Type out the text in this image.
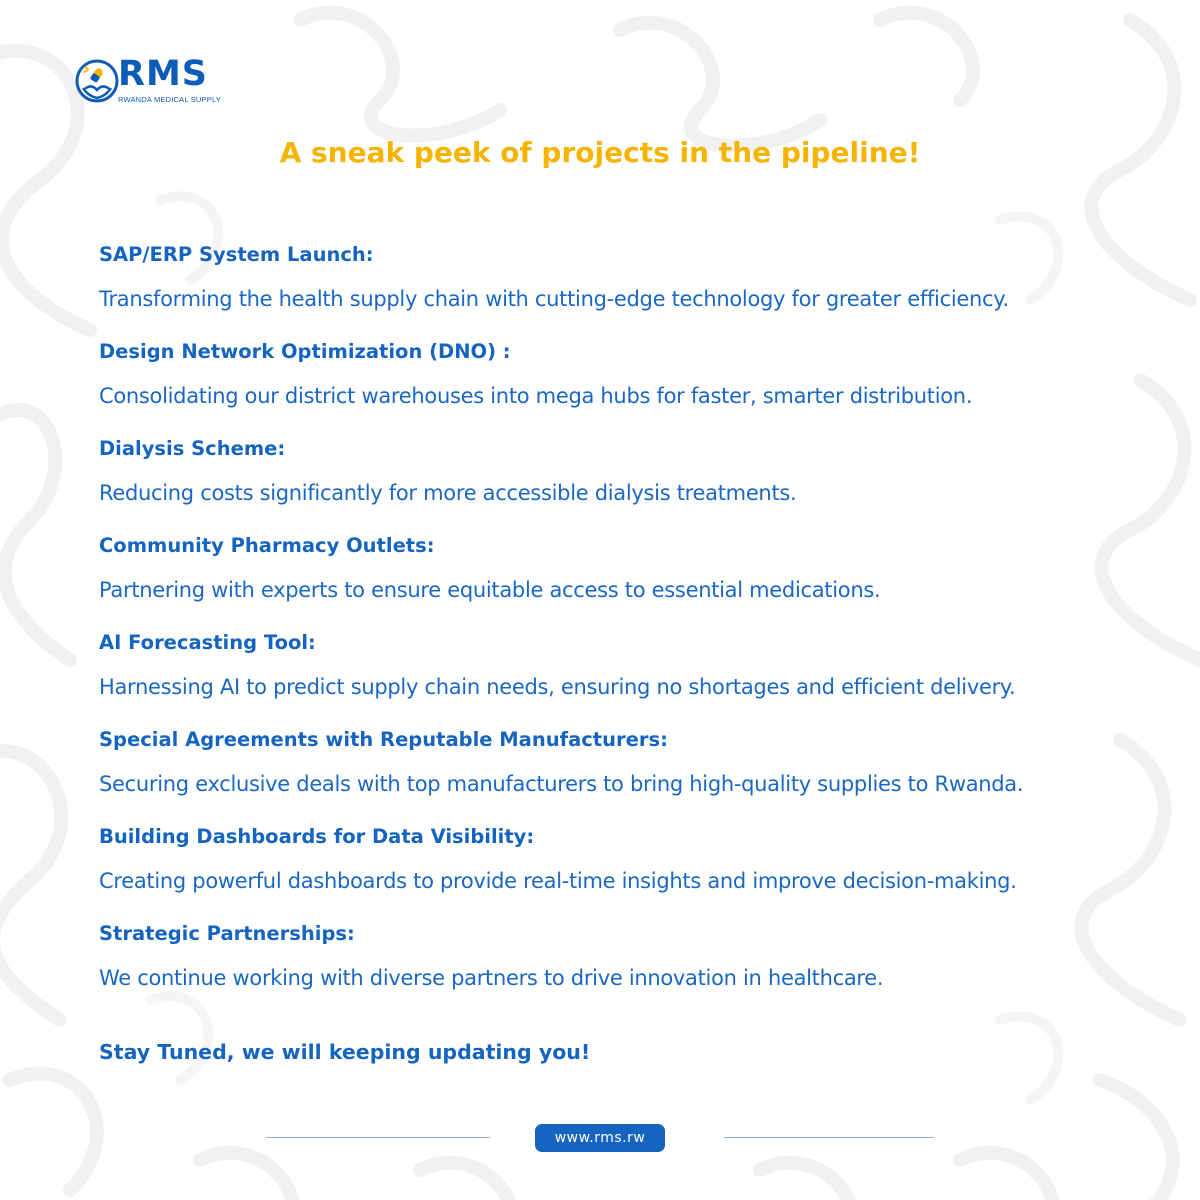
RMS
RWANDA MEDICAL SUPPLY
A sneak peek of projects in the pipeline!
SAP/ERP System Launch:
Transforming the health supply chain with cutting-edge technology for greater efficiency.
Design Network Optimization (DNO) :
Consolidating our district warehouses into mega hubs for faster, smarter distribution.
Dialysis Scheme:
Reducing costs significantly for more accessible dialysis treatments.
Community Pharmacy Outlets:
Partnering with experts to ensure equitable access to essential medications.
AI Forecasting Tool:
Harnessing AI to predict supply chain needs, ensuring no shortages and efficient delivery.
Special Agreements with Reputable Manufacturers:
Securing exclusive deals with top manufacturers to bring high-quality supplies to Rwanda.
Building Dashboards for Data Visibility:
Creating powerful dashboards to provide real-time insights and improve decision-making.
Strategic Partnerships:
We continue working with diverse partners to drive innovation in healthcare.
Stay Tuned, we will keeping updating you!
www.rms.rw
